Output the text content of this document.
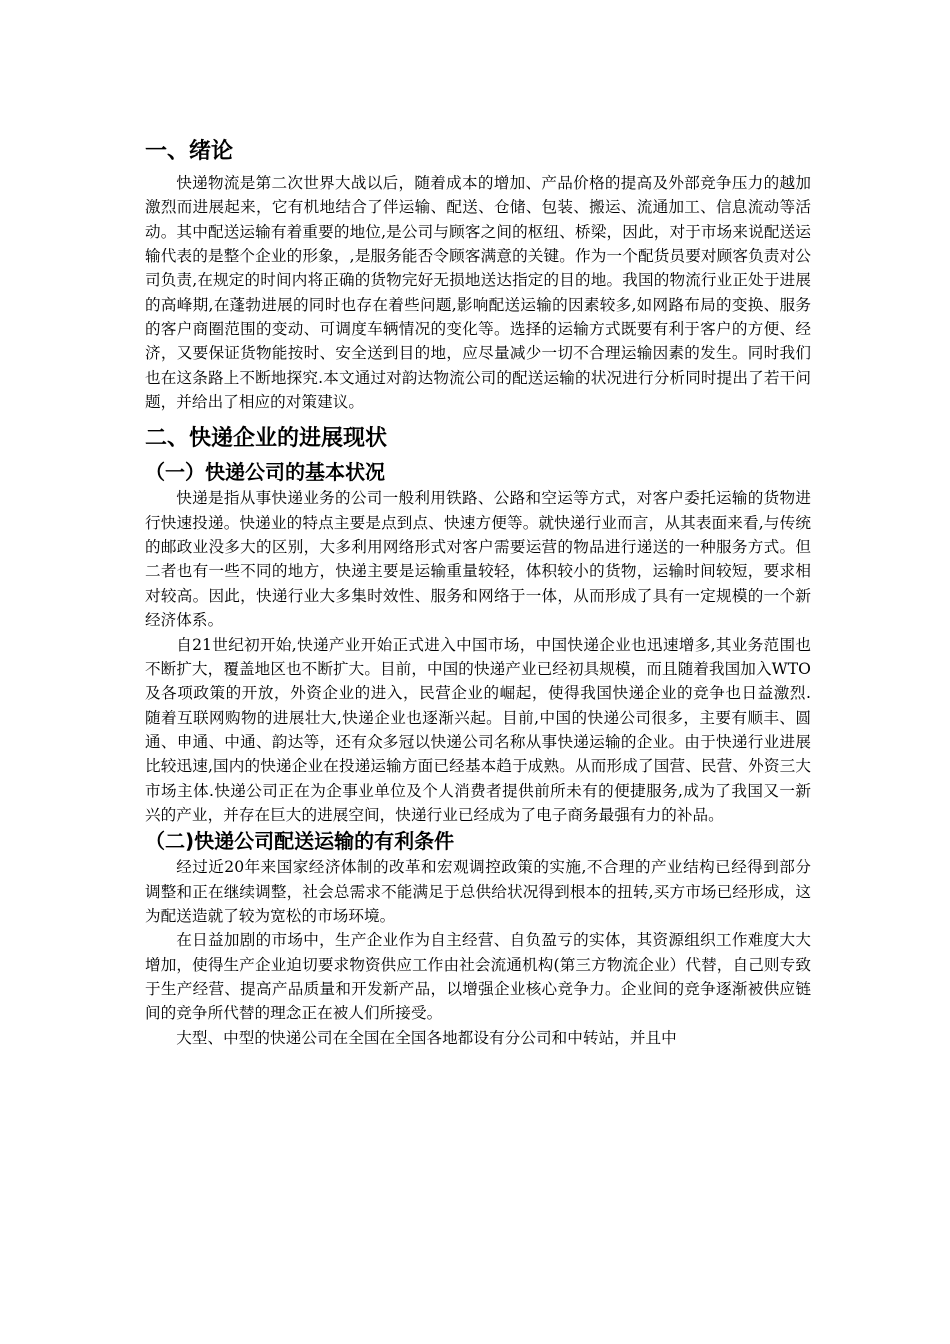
一、绪论

快递物流是第二次世界大战以后，随着成本的增加、产品价格的提高及外部竞争压力的越加激烈而进展起来，它有机地结合了伴运输、配送、仓储、包装、搬运、流通加工、信息流动等活动。其中配送运输有着重要的地位,是公司与顾客之间的枢纽、桥梁，因此，对于市场来说配送运输代表的是整个企业的形象，,是服务能否令顾客满意的关键。作为一个配货员要对顾客负责对公司负责,在规定的时间内将正确的货物完好无损地送达指定的目的地。我国的物流行业正处于进展的高峰期,在蓬勃进展的同时也存在着些问题,影响配送运输的因素较多,如网路布局的变换、服务的客户商圈范围的变动、可调度车辆情况的变化等。选择的运输方式既要有利于客户的方便、经济，又要保证货物能按时、安全送到目的地，应尽量减少一切不合理运输因素的发生。同时我们也在这条路上不断地探究.本文通过对韵达物流公司的配送运输的状况进行分析同时提出了若干问题，并给出了相应的对策建议。

二、快递企业的进展现状
（一）快递公司的基本状况

快递是指从事快递业务的公司一般利用铁路、公路和空运等方式，对客户委托运输的货物进行快速投递。快递业的特点主要是点到点、快速方便等。就快递行业而言，从其表面来看,与传统的邮政业没多大的区别，大多利用网络形式对客户需要运营的物品进行递送的一种服务方式。但二者也有一些不同的地方，快递主要是运输重量较轻，体积较小的货物，运输时间较短，要求相对较高。因此，快递行业大多集时效性、服务和网络于一体，从而形成了具有一定规模的一个新经济体系。

自21世纪初开始,快递产业开始正式进入中国市场，中国快递企业也迅速增多,其业务范围也不断扩大，覆盖地区也不断扩大。目前，中国的快递产业已经初具规模，而且随着我国加入WTO及各项政策的开放，外资企业的进入，民营企业的崛起，使得我国快递企业的竞争也日益激烈. 随着互联网购物的进展壮大,快递企业也逐渐兴起。目前,中国的快递公司很多，主要有顺丰、圆通、申通、中通、韵达等，还有众多冠以快递公司名称从事快递运输的企业。由于快递行业进展比较迅速,国内的快递企业在投递运输方面已经基本趋于成熟。从而形成了国营、民营、外资三大市场主体.快递公司正在为企事业单位及个人消费者提供前所未有的便捷服务,成为了我国又一新兴的产业，并存在巨大的进展空间，快递行业已经成为了电子商务最强有力的补品。

（二)快递公司配送运输的有利条件

经过近20年来国家经济体制的改革和宏观调控政策的实施,不合理的产业结构已经得到部分调整和正在继续调整，社会总需求不能满足于总供给状况得到根本的扭转,买方市场已经形成，这为配送造就了较为宽松的市场环境。

在日益加剧的市场中，生产企业作为自主经营、自负盈亏的实体，其资源组织工作难度大大增加，使得生产企业迫切要求物资供应工作由社会流通机构(第三方物流企业）代替，自己则专致于生产经营、提高产品质量和开发新产品，以增强企业核心竞争力。企业间的竞争逐渐被供应链间的竞争所代替的理念正在被人们所接受。

大型、中型的快递公司在全国在全国各地都设有分公司和中转站，并且中
